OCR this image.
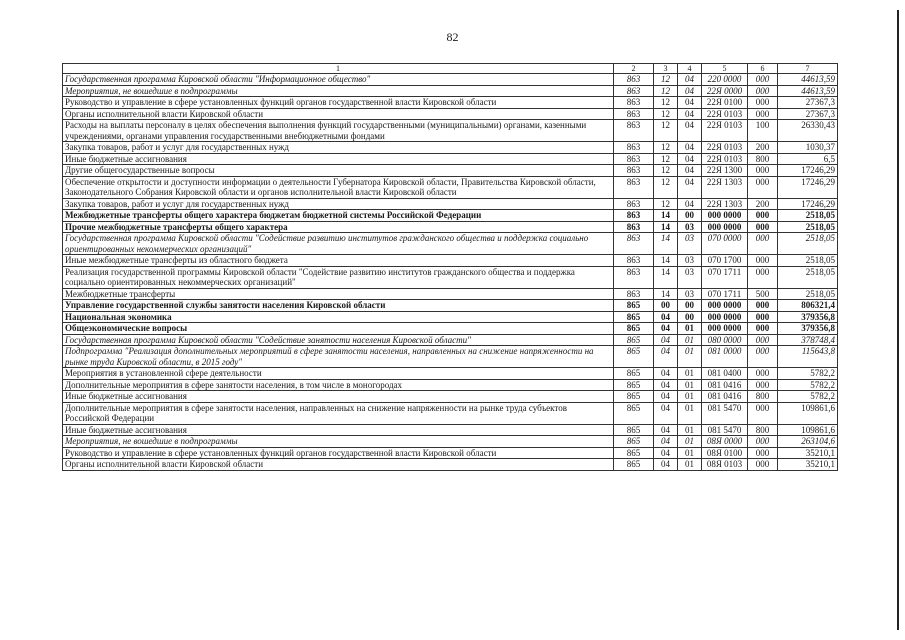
82
1	2	3	4	5	6	7
Государственная программа Кировской области "Информационное общество"	863	12	04	220 0000	000	44613,59
Мероприятия, не вошедшие в подпрограммы	863	12	04	22Я 0000	000	44613,59
Руководство и управление в сфере установленных функций органов государственной власти Кировской области	863	12	04	22Я 0100	000	27367,3
Органы исполнительной власти Кировской области	863	12	04	22Я 0103	000	27367,3
Расходы на выплаты персоналу в целях обеспечения выполнения функций государственными (муниципальными) органами, казенными учреждениями, органами управления государственными внебюджетными фондами	863	12	04	22Я 0103	100	26330,43
Закупка товаров, работ и услуг для государственных нужд	863	12	04	22Я 0103	200	1030,37
Иные бюджетные ассигнования	863	12	04	22Я 0103	800	6,5
Другие общегосударственные вопросы	863	12	04	22Я 1300	000	17246,29
Обеспечение открытости и доступности информации о деятельности Губернатора Кировской области, Правительства Кировской области, Законодательного Собрания Кировской области и органов исполнительной власти Кировской области	863	12	04	22Я 1303	000	17246,29
Закупка товаров, работ и услуг для государственных нужд	863	12	04	22Я 1303	200	17246,29
Межбюджетные трансферты общего характера бюджетам бюджетной системы Российской Федерации	863	14	00	000 0000	000	2518,05
Прочие межбюджетные трансферты общего характера	863	14	03	000 0000	000	2518,05
Государственная программа Кировской области "Содействие развитию институтов гражданского общества и поддержка социально ориентированных некоммерческих организаций"	863	14	03	070 0000	000	2518,05
Иные межбюджетные трансферты из областного бюджета	863	14	03	070 1700	000	2518,05
Реализация государственной программы Кировской области "Содействие развитию институтов гражданского общества и поддержка социально ориентированных некоммерческих организаций"	863	14	03	070 1711	000	2518,05
Межбюджетные трансферты	863	14	03	070 1711	500	2518,05
Управление государственной службы занятости населения Кировской области	865	00	00	000 0000	000	806321,4
Национальная экономика	865	04	00	000 0000	000	379356,8
Общеэкономические вопросы	865	04	01	000 0000	000	379356,8
Государственная программа Кировской области "Содействие занятости населения Кировской области"	865	04	01	080 0000	000	378748,4
Подпрограмма "Реализация дополнительных мероприятий в сфере занятости населения, направленных на снижение напряженности на рынке труда Кировской области, в 2015 году"	865	04	01	081 0000	000	115643,8
Мероприятия в установленной сфере деятельности	865	04	01	081 0400	000	5782,2
Дополнительные мероприятия в сфере занятости населения, в том числе в моногородах	865	04	01	081 0416	000	5782,2
Иные бюджетные ассигнования	865	04	01	081 0416	800	5782,2
Дополнительные мероприятия в сфере занятости населения, направленных на снижение напряженности на рынке труда субъектов Российской Федерации	865	04	01	081 5470	000	109861,6
Иные бюджетные ассигнования	865	04	01	081 5470	800	109861,6
Мероприятия, не вошедшие в подпрограммы	865	04	01	08Я 0000	000	263104,6
Руководство и управление в сфере установленных функций органов государственной власти Кировской области	865	04	01	08Я 0100	000	35210,1
Органы исполнительной власти Кировской области	865	04	01	08Я 0103	000	35210,1
